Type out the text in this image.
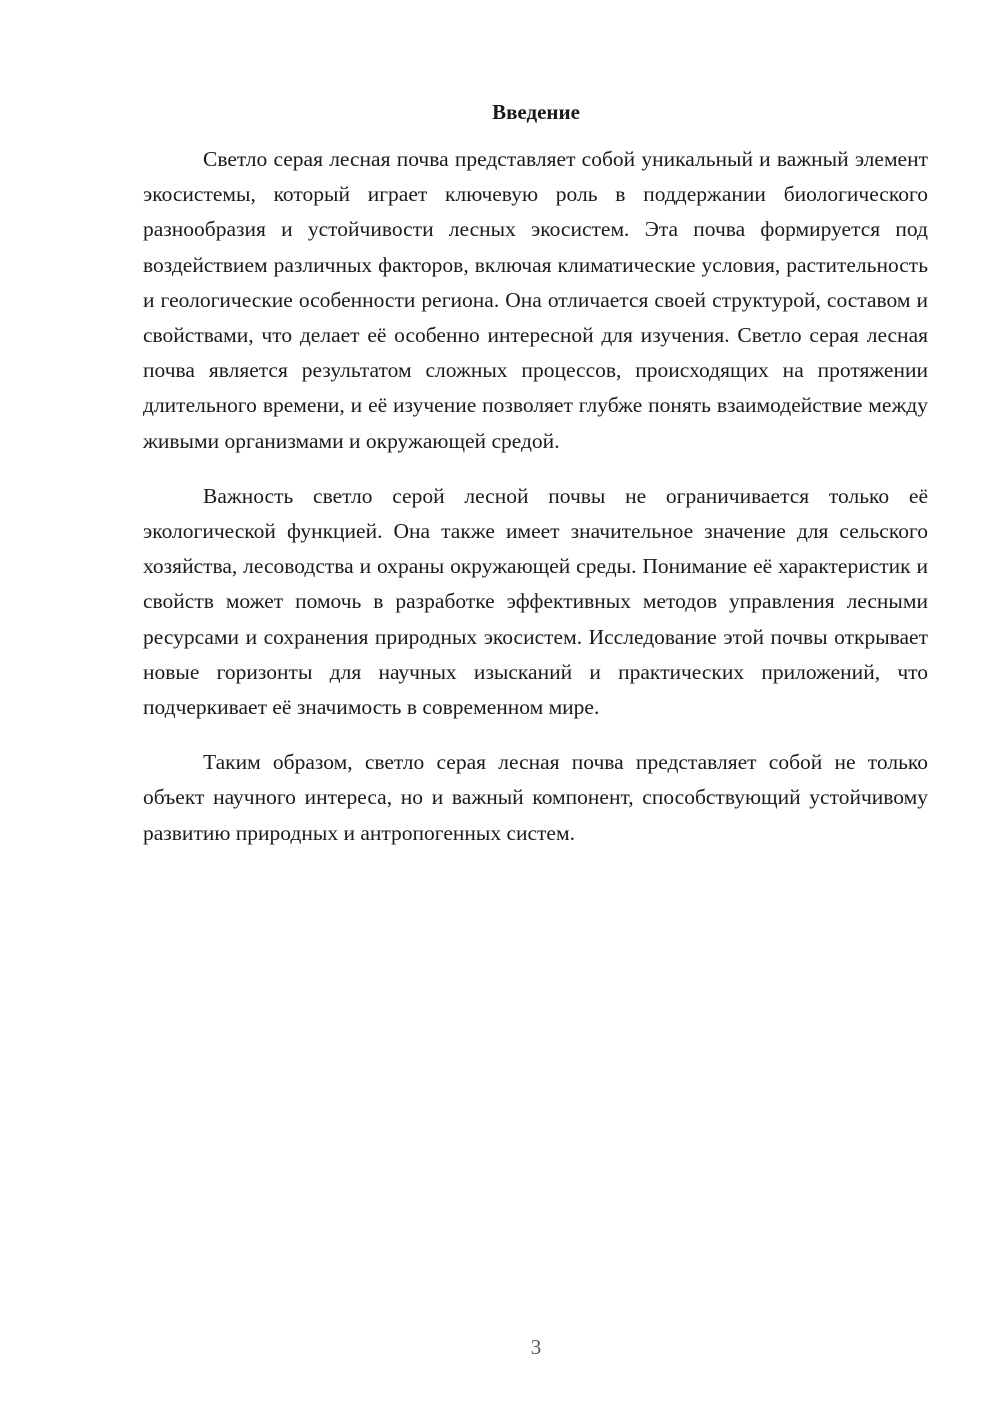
Введение

Светло серая лесная почва представляет собой уникальный и важный элемент экосистемы, который играет ключевую роль в поддержании биологического разнообразия и устойчивости лесных экосистем. Эта почва формируется под воздействием различных факторов, включая климатические условия, растительность и геологические особенности региона. Она отличается своей структурой, составом и свойствами, что делает её особенно интересной для изучения. Светло серая лесная почва является результатом сложных процессов, происходящих на протяжении длительного времени, и её изучение позволяет глубже понять взаимодействие между живыми организмами и окружающей средой.

Важность светло серой лесной почвы не ограничивается только её экологической функцией. Она также имеет значительное значение для сельского хозяйства, лесоводства и охраны окружающей среды. Понимание её характеристик и свойств может помочь в разработке эффективных методов управления лесными ресурсами и сохранения природных экосистем. Исследование этой почвы открывает новые горизонты для научных изысканий и практических приложений, что подчеркивает её значимость в современном мире.

Таким образом, светло серая лесная почва представляет собой не только объект научного интереса, но и важный компонент, способствующий устойчивому развитию природных и антропогенных систем.

3
